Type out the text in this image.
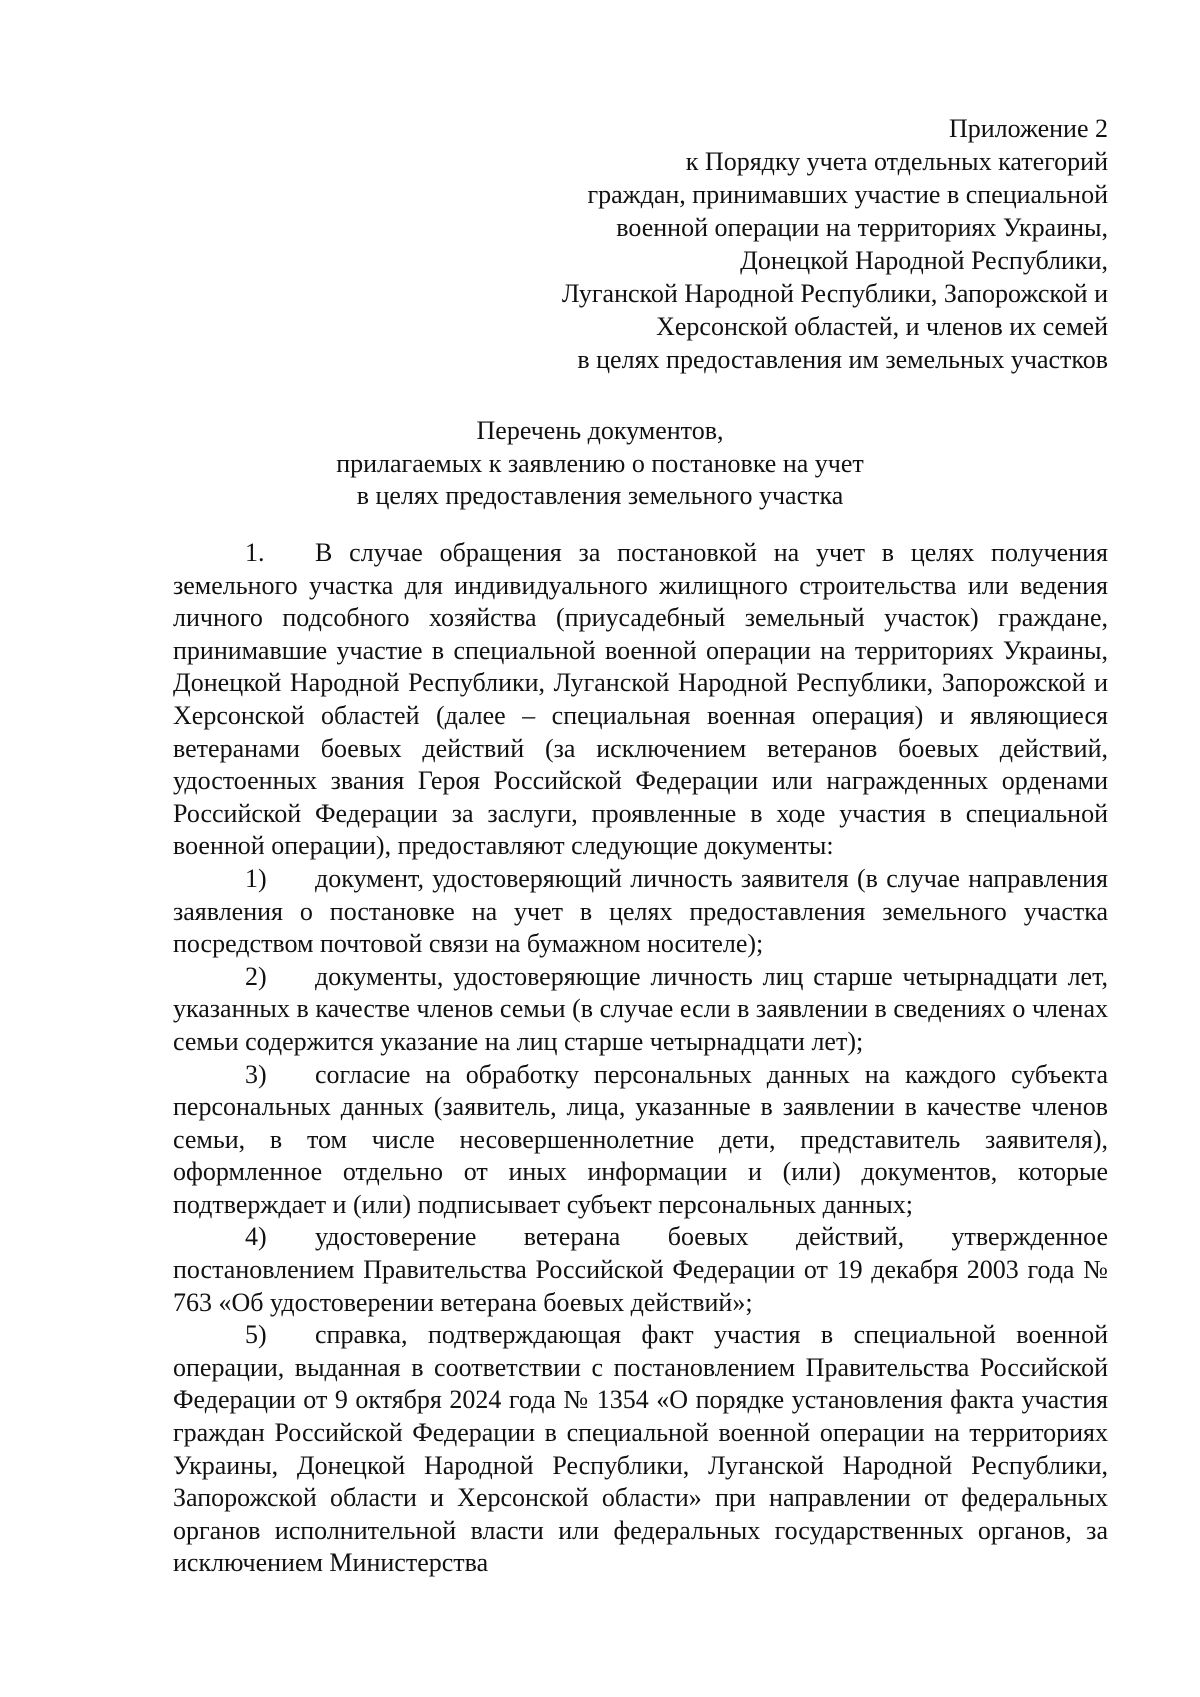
Приложение 2
к Порядку учета отдельных категорий
граждан, принимавших участие в специальной
военной операции на территориях Украины,
Донецкой Народной Республики,
Луганской Народной Республики, Запорожской и
Херсонской областей, и членов их семей
в целях предоставления им земельных участков
Перечень документов,
прилагаемых к заявлению о постановке на учет
в целях предоставления земельного участка

1. В случае обращения за постановкой на учет в целях получения земельного участка для индивидуального жилищного строительства или ведения личного подсобного хозяйства (приусадебный земельный участок) граждане, принимавшие участие в специальной военной операции на территориях Украины, Донецкой Народной Республики, Луганской Народной Республики, Запорожской и Херсонской областей (далее – специальная военная операция) и являющиеся ветеранами боевых действий (за исключением ветеранов боевых действий, удостоенных звания Героя Российской Федерации или награжденных орденами Российской Федерации за заслуги, проявленные в ходе участия в специальной военной операции), предоставляют следующие документы:

1) документ, удостоверяющий личность заявителя (в случае направления заявления о постановке на учет в целях предоставления земельного участка посредством почтовой связи на бумажном носителе);

2) документы, удостоверяющие личность лиц старше четырнадцати лет, указанных в качестве членов семьи (в случае если в заявлении в сведениях о членах семьи содержится указание на лиц старше четырнадцати лет);

3) согласие на обработку персональных данных на каждого субъекта персональных данных (заявитель, лица, указанные в заявлении в качестве членов семьи, в том числе несовершеннолетние дети, представитель заявителя), оформленное отдельно от иных информации и (или) документов, которые подтверждает и (или) подписывает субъект персональных данных;

4) удостоверение ветерана боевых действий, утвержденное постановлением Правительства Российской Федерации от 19 декабря 2003 года № 763 «Об удостоверении ветерана боевых действий»;

5) справка, подтверждающая факт участия в специальной военной операции, выданная в соответствии с постановлением Правительства Российской Федерации от 9 октября 2024 года № 1354 «О порядке установления факта участия граждан Российской Федерации в специальной военной операции на территориях Украины, Донецкой Народной Республики, Луганской Народной Республики, Запорожской области и Херсонской области» при направлении от федеральных органов исполнительной власти или федеральных государственных органов, за исключением Министерства
